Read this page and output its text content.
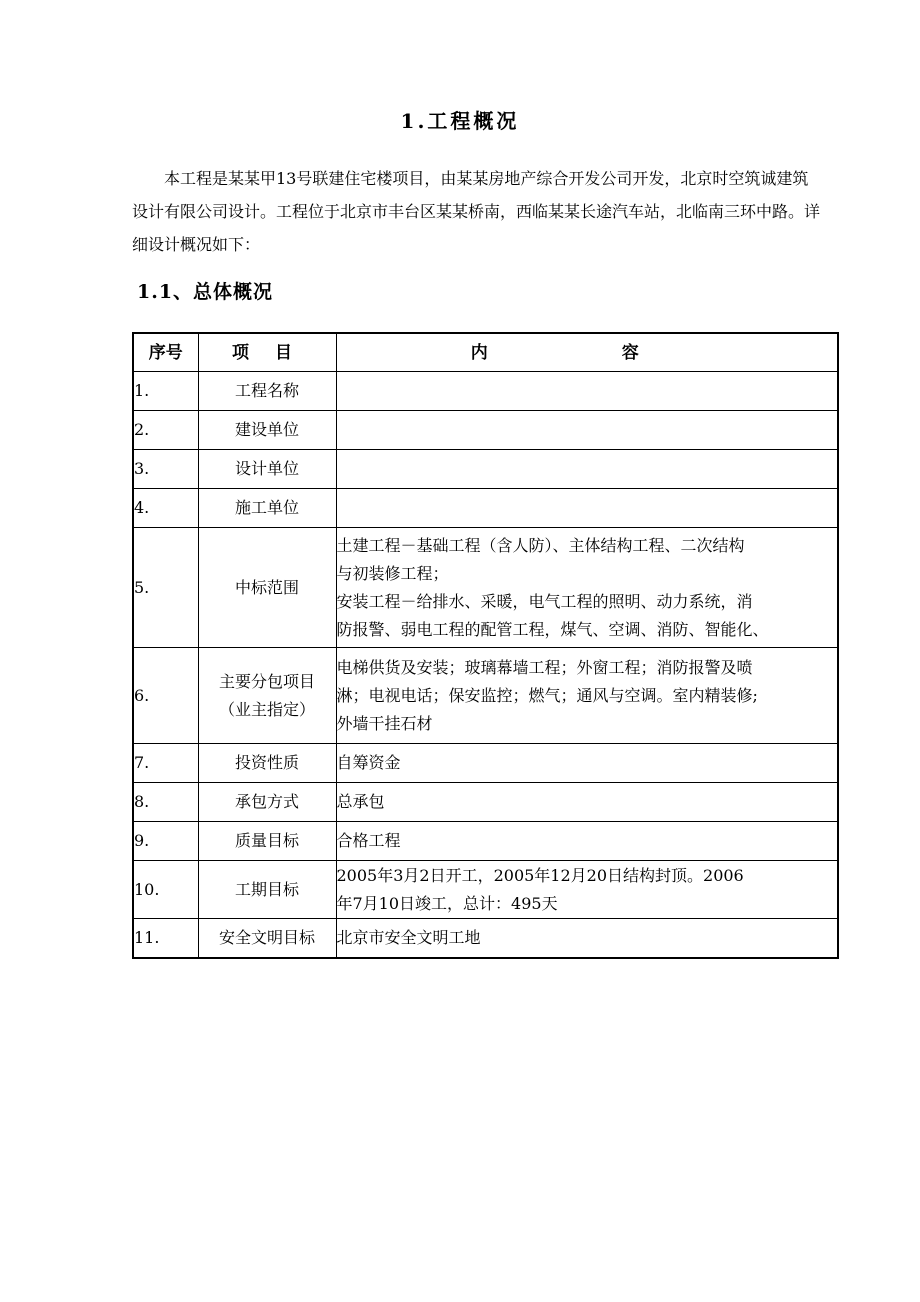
1.工程概况

本工程是某某甲13号联建住宅楼项目，由某某房地产综合开发公司开发，北京时空筑诚建筑设计有限公司设计。工程位于北京市丰台区某某桥南，西临某某长途汽车站，北临南三环中路。详细设计概况如下：

1.1、总体概况
序号	项 目	内 容
1.	工程名称	
2.	建设单位	
3.	设计单位	
4.	施工单位	
5.	中标范围	土建工程－基础工程（含人防）、主体结构工程、二次结构
与初装修工程；
安装工程－给排水、采暖，电气工程的照明、动力系统，消
防报警、弱电工程的配管工程，煤气、空调、消防、智能化、

6.	主要分包项目
（业主指定）	电梯供货及安装；玻璃幕墙工程；外窗工程；消防报警及喷
淋；电视电话；保安监控；燃气；通风与空调。室内精装修;
外墙干挂石材

7.	投资性质	自筹资金

8.	承包方式	总承包

9.	质量目标	合格工程

10.	工期目标	2005年3月2日开工，2005年12月20日结构封顶。2006
年7月10日竣工，总计：495天

11.	安全文明目标	北京市安全文明工地
